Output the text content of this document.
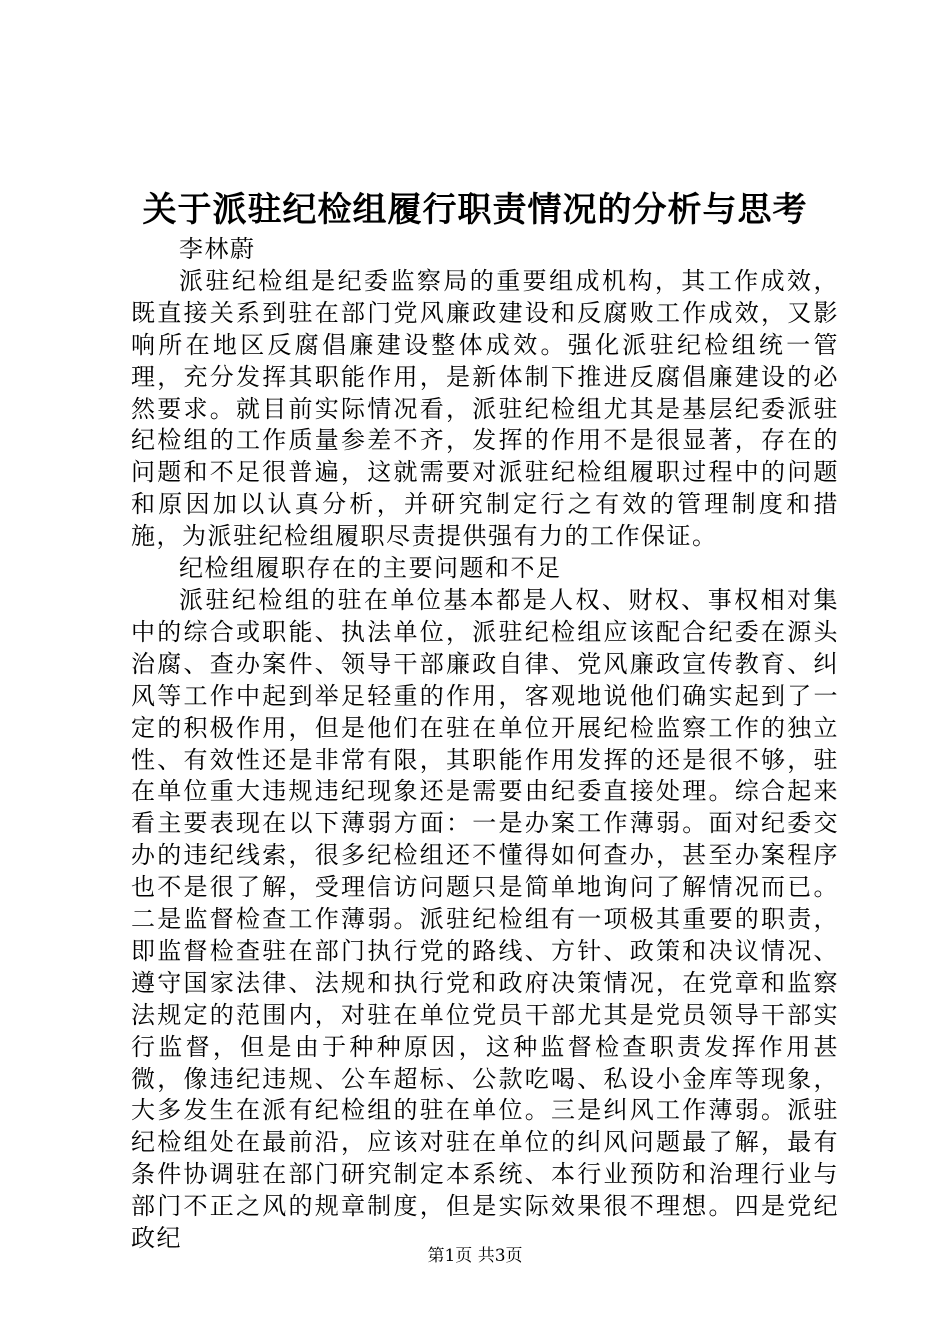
关于派驻纪检组履行职责情况的分析与思考

李林蔚

派驻纪检组是纪委监察局的重要组成机构，其工作成效，既直接关系到驻在部门党风廉政建设和反腐败工作成效，又影响所在地区反腐倡廉建设整体成效。强化派驻纪检组统一管理，充分发挥其职能作用，是新体制下推进反腐倡廉建设的必然要求。就目前实际情况看，派驻纪检组尤其是基层纪委派驻纪检组的工作质量参差不齐，发挥的作用不是很显著，存在的问题和不足很普遍，这就需要对派驻纪检组履职过程中的问题和原因加以认真分析，并研究制定行之有效的管理制度和措施，为派驻纪检组履职尽责提供强有力的工作保证。

纪检组履职存在的主要问题和不足

派驻纪检组的驻在单位基本都是人权、财权、事权相对集中的综合或职能、执法单位，派驻纪检组应该配合纪委在源头治腐、查办案件、领导干部廉政自律、党风廉政宣传教育、纠风等工作中起到举足轻重的作用，客观地说他们确实起到了一定的积极作用，但是他们在驻在单位开展纪检监察工作的独立性、有效性还是非常有限，其职能作用发挥的还是很不够，驻在单位重大违规违纪现象还是需要由纪委直接处理。综合起来看主要表现在以下薄弱方面：一是办案工作薄弱。面对纪委交办的违纪线索，很多纪检组还不懂得如何查办，甚至办案程序也不是很了解，受理信访问题只是简单地询问了解情况而已。二是监督检查工作薄弱。派驻纪检组有一项极其重要的职责，即监督检查驻在部门执行党的路线、方针、政策和决议情况、遵守国家法律、法规和执行党和政府决策情况，在党章和监察法规定的范围内，对驻在单位党员干部尤其是党员领导干部实行监督，但是由于种种原因，这种监督检查职责发挥作用甚微，像违纪违规、公车超标、公款吃喝、私设小金库等现象，大多发生在派有纪检组的驻在单位。三是纠风工作薄弱。派驻纪检组处在最前沿，应该对驻在单位的纠风问题最了解，最有条件协调驻在部门研究制定本系统、本行业预防和治理行业与部门不正之风的规章制度，但是实际效果很不理想。四是党纪政纪

第1页 共3页
